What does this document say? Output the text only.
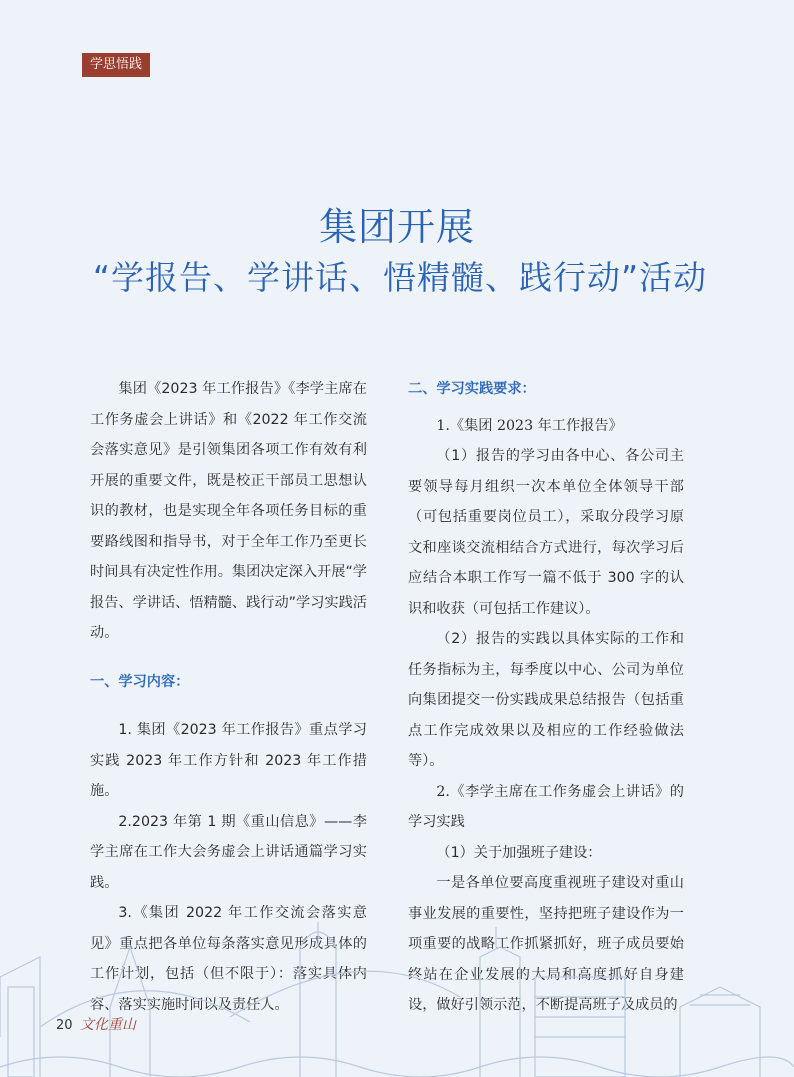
学思悟践
集团开展
“学报告、学讲话、悟精髓、践行动”活动

集团《2023 年工作报告》《李学主席在工作务虚会上讲话》和《2022 年工作交流会落实意见》是引领集团各项工作有效有利开展的重要文件，既是校正干部员工思想认识的教材，也是实现全年各项任务目标的重要路线图和指导书，对于全年工作乃至更长时间具有决定性作用。集团决定深入开展“学报告、学讲话、悟精髓、践行动”学习实践活动。

一、学习内容：

1. 集团《2023 年工作报告》重点学习实践 2023 年工作方针和 2023 年工作措施。

2.2023 年第 1 期《重山信息》——李学主席在工作大会务虚会上讲话通篇学习实践。

3.《集团 2022 年工作交流会落实意见》重点把各单位每条落实意见形成具体的工作计划，包括（但不限于）：落实具体内容、落实实施时间以及责任人。

二、学习实践要求：

1.《集团 2023 年工作报告》

（1）报告的学习由各中心、各公司主要领导每月组织一次本单位全体领导干部（可包括重要岗位员工），采取分段学习原文和座谈交流相结合方式进行，每次学习后应结合本职工作写一篇不低于 300 字的认识和收获（可包括工作建议）。

（2）报告的实践以具体实际的工作和任务指标为主，每季度以中心、公司为单位向集团提交一份实践成果总结报告（包括重点工作完成效果以及相应的工作经验做法等）。

2.《李学主席在工作务虚会上讲话》的学习实践

（1）关于加强班子建设：

一是各单位要高度重视班子建设对重山事业发展的重要性，坚持把班子建设作为一项重要的战略工作抓紧抓好，班子成员要始终站在企业发展的大局和高度抓好自身建设，做好引领示范，不断提高班子及成员的

20 文化重山
